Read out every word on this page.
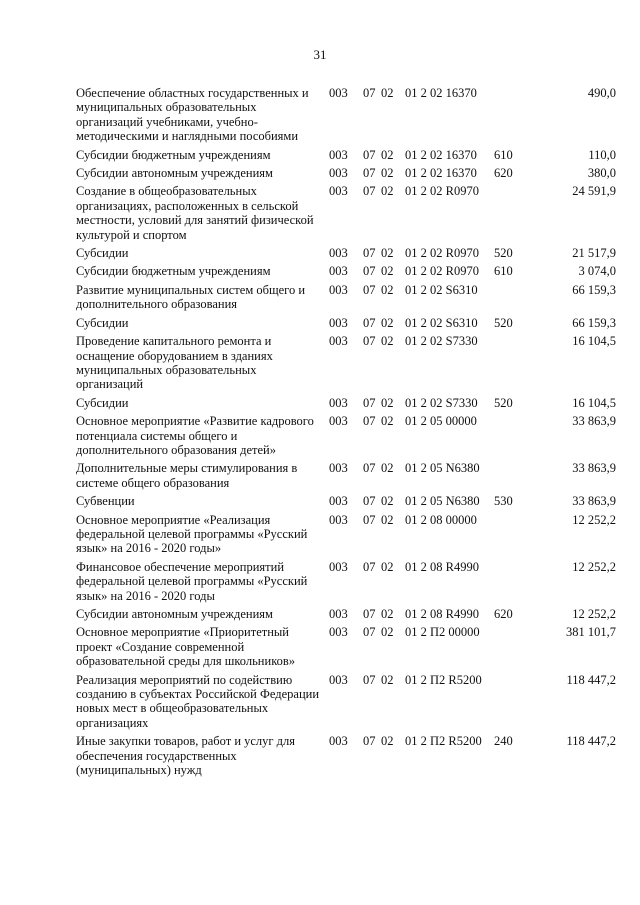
31
Обеспечение областных государственных и муниципальных образовательных организаций учебниками, учебно-методическими и наглядными пособиями	003	07	02	01 2 02 16370		490,0
Субсидии бюджетным учреждениям	003	07	02	01 2 02 16370	610	110,0
Субсидии автономным учреждениям	003	07	02	01 2 02 16370	620	380,0
Создание в общеобразовательных организациях, расположенных в сельской местности, условий для занятий физической культурой и спортом	003	07	02	01 2 02 R0970		24 591,9
Субсидии	003	07	02	01 2 02 R0970	520	21 517,9
Субсидии бюджетным учреждениям	003	07	02	01 2 02 R0970	610	3 074,0
Развитие муниципальных систем общего и дополнительного образования	003	07	02	01 2 02 S6310		66 159,3
Субсидии	003	07	02	01 2 02 S6310	520	66 159,3
Проведение капитального ремонта и оснащение оборудованием в зданиях муниципальных образовательных организаций	003	07	02	01 2 02 S7330		16 104,5
Субсидии	003	07	02	01 2 02 S7330	520	16 104,5
Основное мероприятие «Развитие кадрового потенциала системы общего и дополнительного образования детей»	003	07	02	01 2 05 00000		33 863,9
Дополнительные меры стимулирования в системе общего образования	003	07	02	01 2 05 N6380		33 863,9
Субвенции	003	07	02	01 2 05 N6380	530	33 863,9
Основное мероприятие «Реализация федеральной целевой программы «Русский язык» на 2016 - 2020 годы»	003	07	02	01 2 08 00000		12 252,2
Финансовое обеспечение мероприятий федеральной целевой программы «Русский язык» на 2016 - 2020 годы	003	07	02	01 2 08 R4990		12 252,2
Субсидии автономным учреждениям	003	07	02	01 2 08 R4990	620	12 252,2
Основное мероприятие «Приоритетный проект «Создание современной образовательной среды для школьников»	003	07	02	01 2 П2 00000		381 101,7
Реализация мероприятий по содействию созданию в субъектах Российской Федерации новых мест в общеобразовательных организациях	003	07	02	01 2 П2 R5200		118 447,2
Иные закупки товаров, работ и услуг для обеспечения государственных (муниципальных) нужд	003	07	02	01 2 П2 R5200	240	118 447,2
